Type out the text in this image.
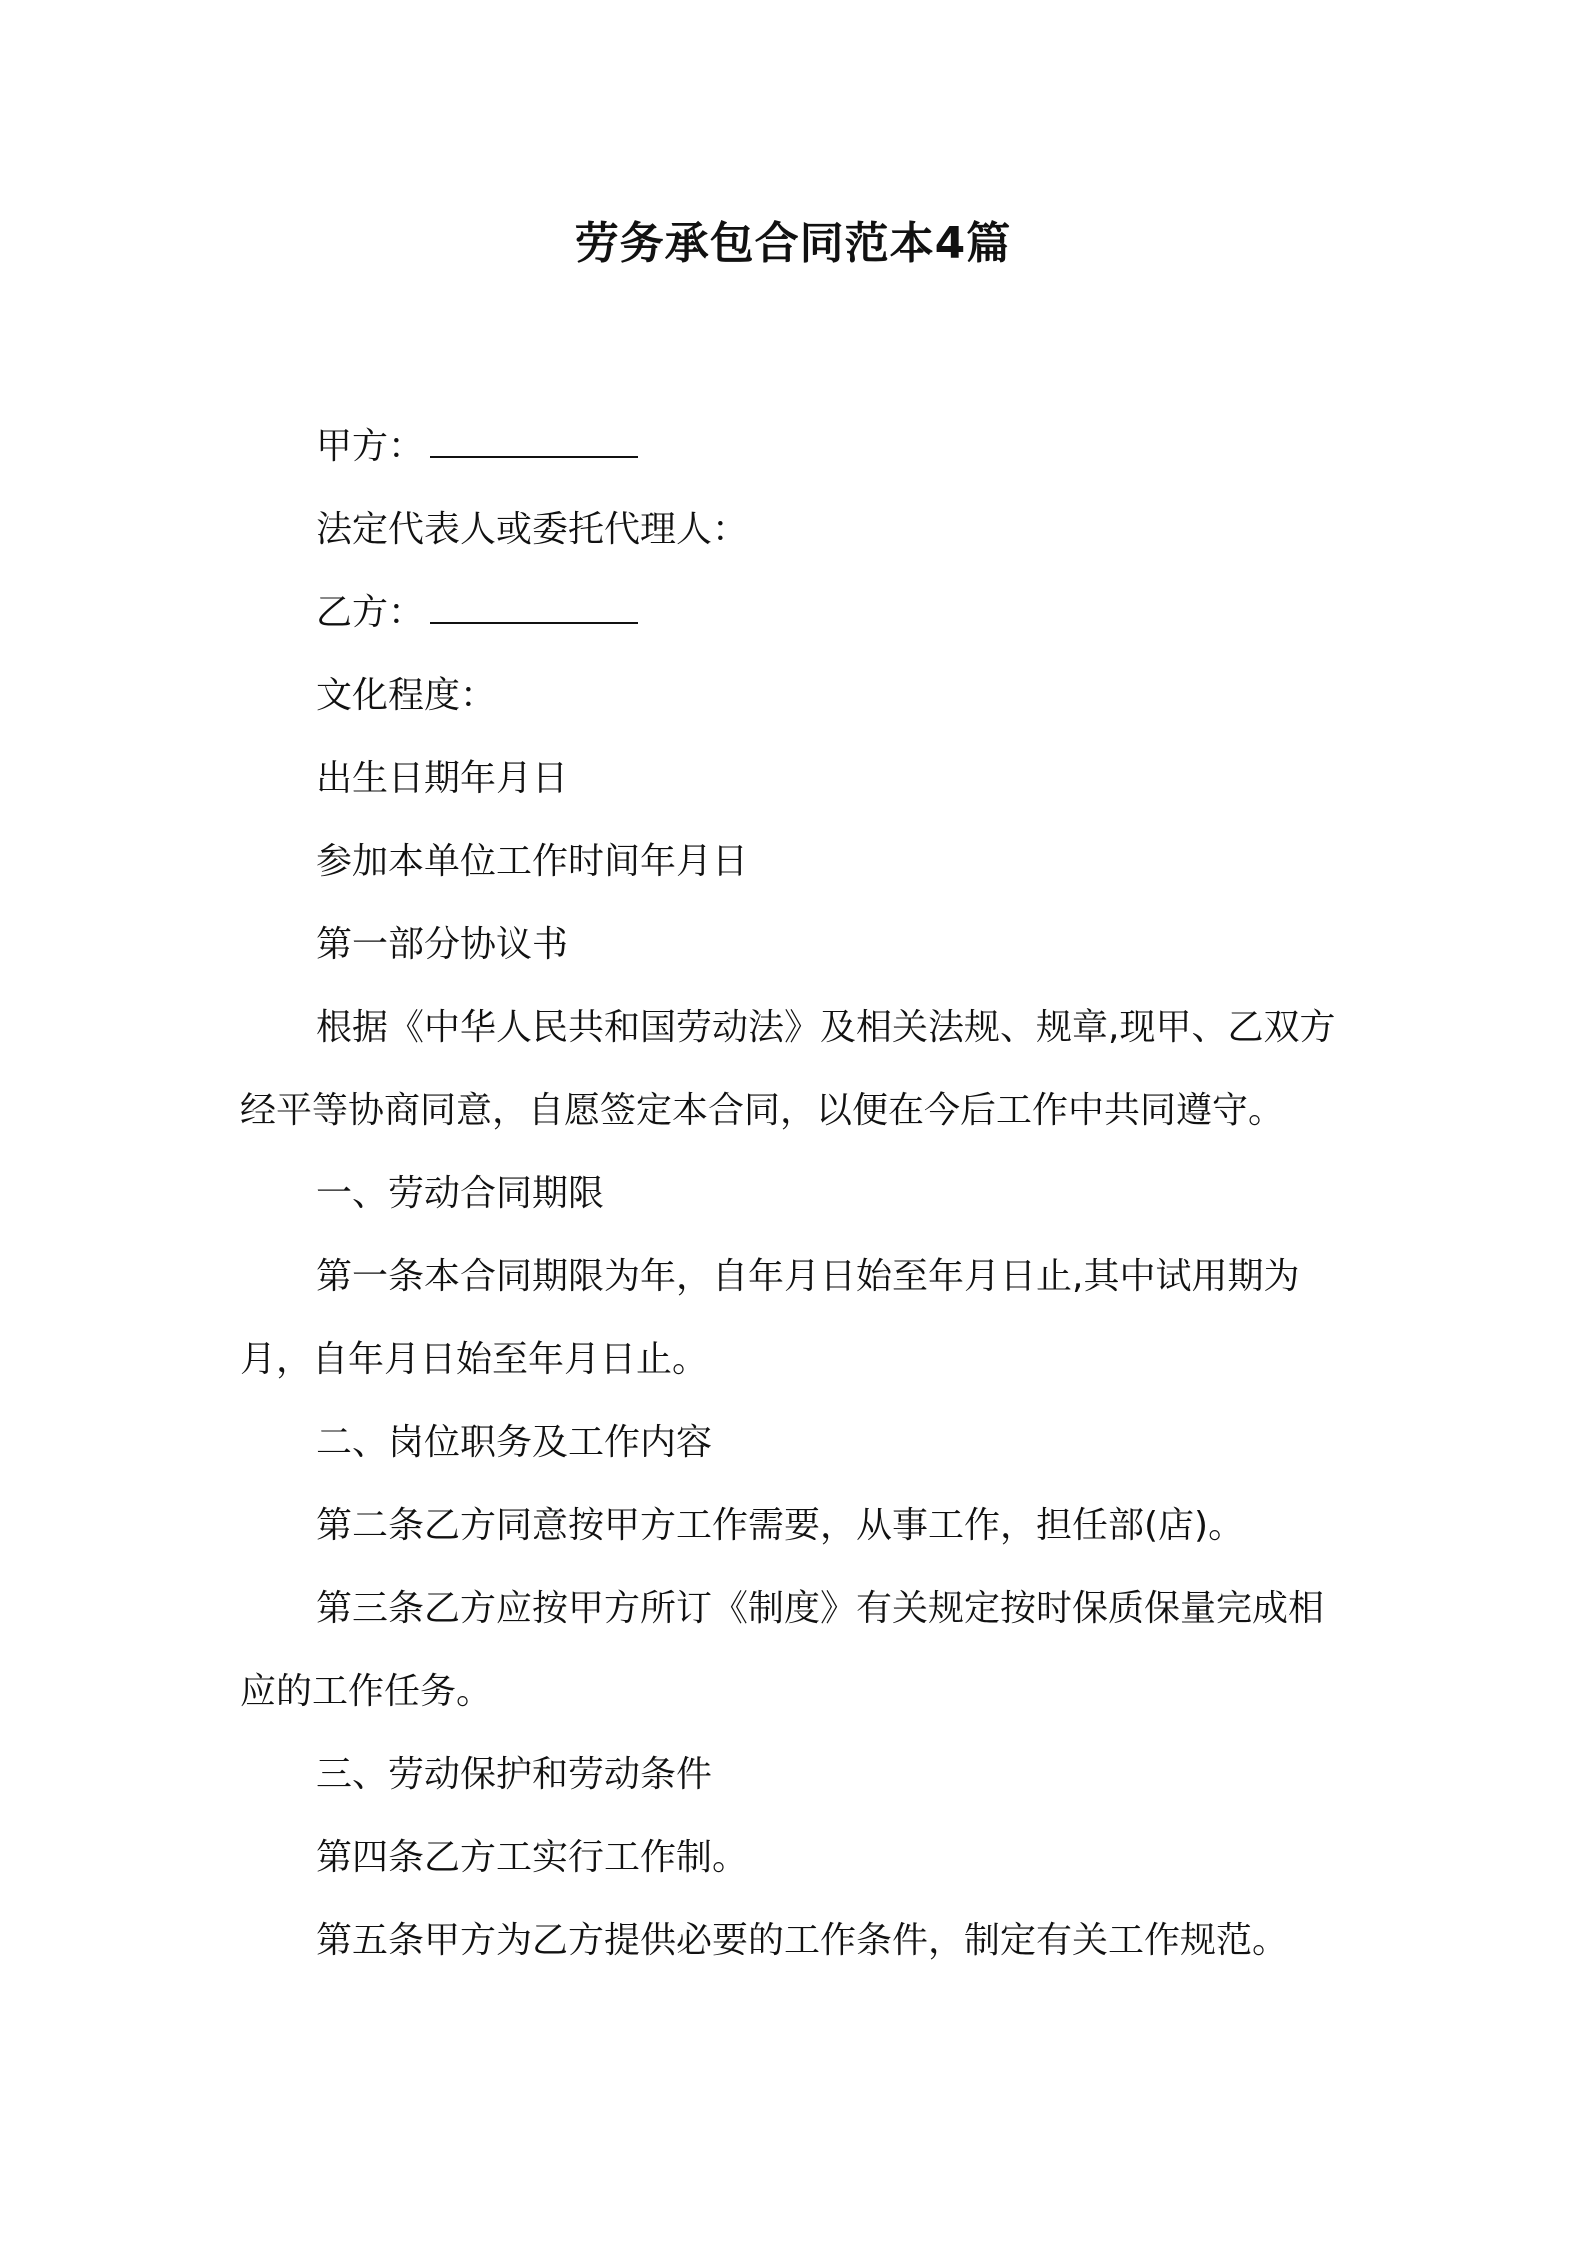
劳务承包合同范本4篇

甲方：

法定代表人或委托代理人：

乙方：

文化程度：

出生日期年月日

参加本单位工作时间年月日

第一部分协议书

根据《中华人民共和国劳动法》及相关法规、规章,现甲、乙双方经平等协商同意，自愿签定本合同，以便在今后工作中共同遵守。

一、劳动合同期限

第一条本合同期限为年，自年月日始至年月日止,其中试用期为月，自年月日始至年月日止。

二、岗位职务及工作内容

第二条乙方同意按甲方工作需要，从事工作，担任部(店)。

第三条乙方应按甲方所订《制度》有关规定按时保质保量完成相应的工作任务。

三、劳动保护和劳动条件

第四条乙方工实行工作制。

第五条甲方为乙方提供必要的工作条件，制定有关工作规范。
